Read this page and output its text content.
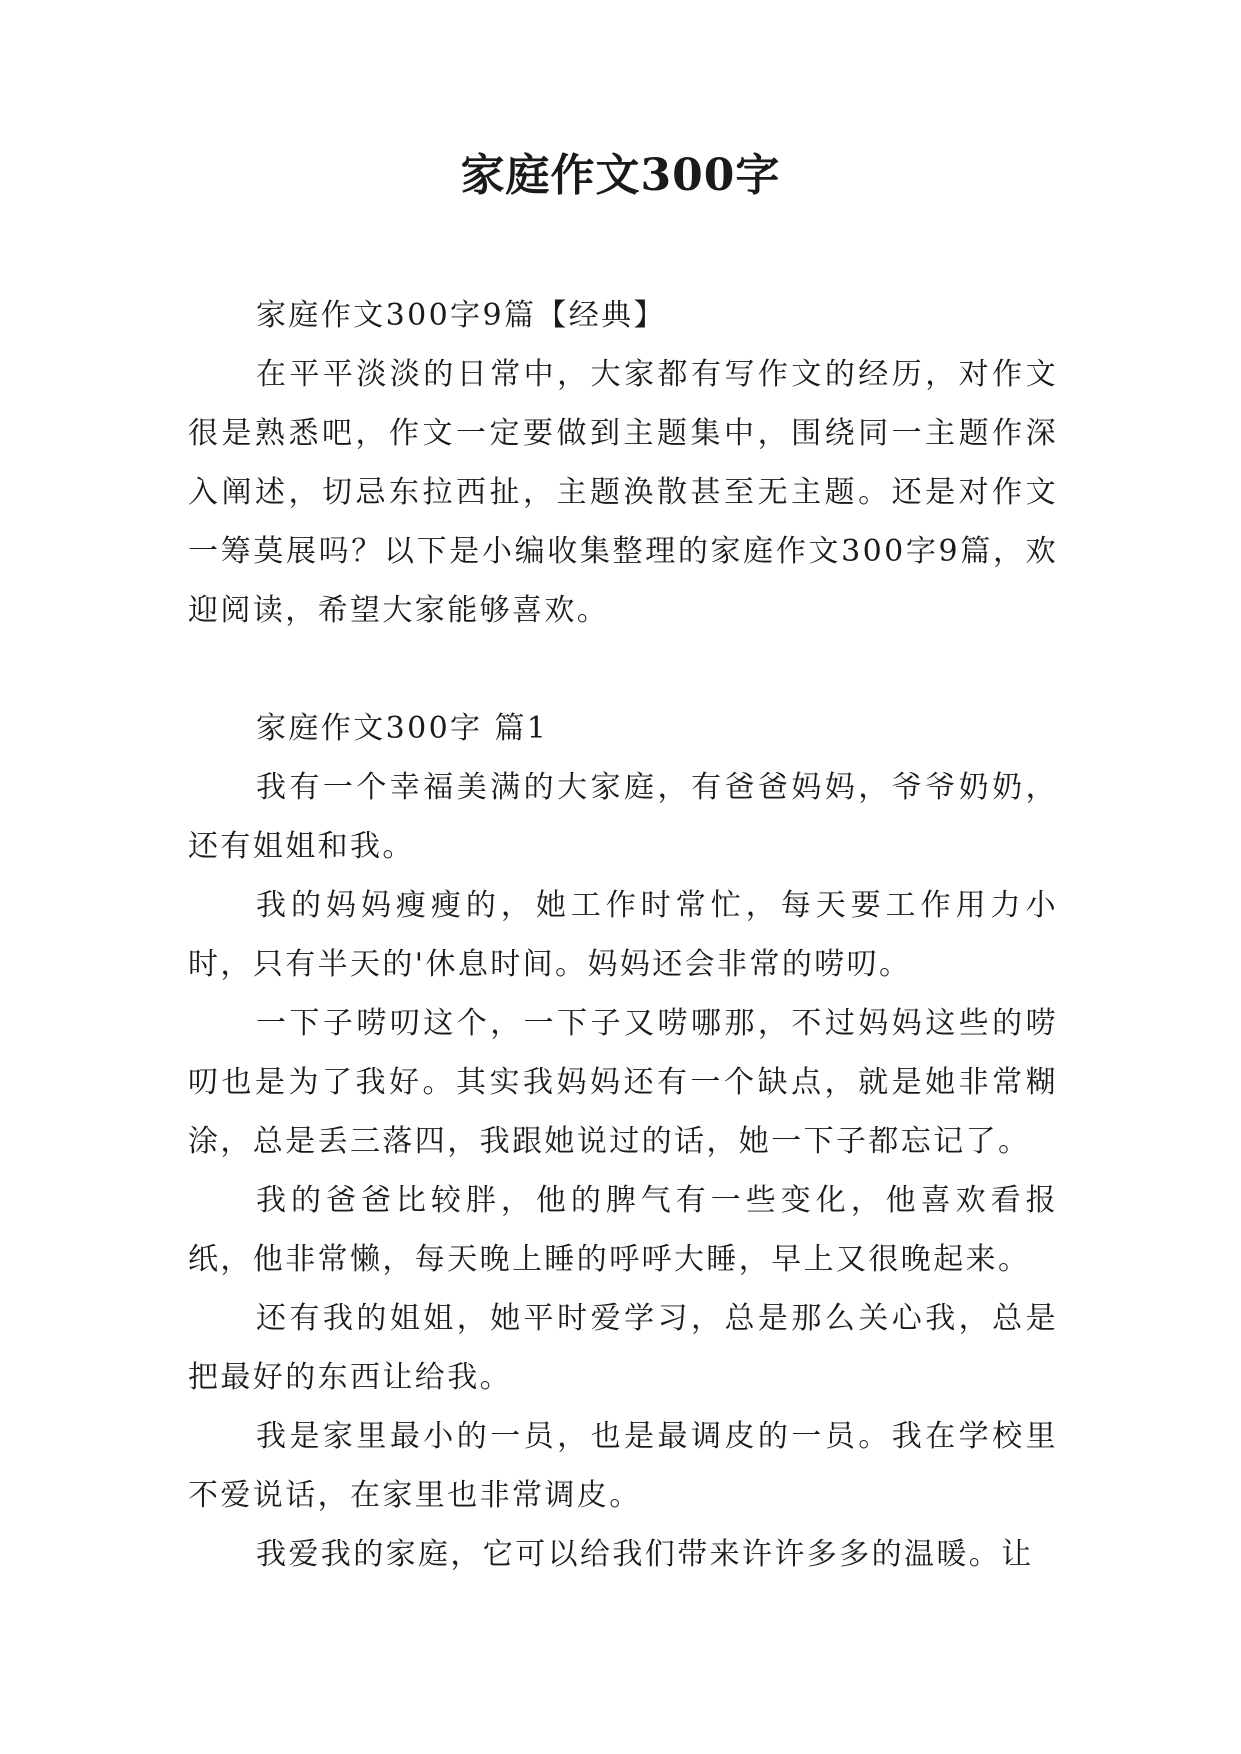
家庭作文300字

家庭作文300字9篇【经典】

在平平淡淡的日常中，大家都有写作文的经历，对作文很是熟悉吧，作文一定要做到主题集中，围绕同一主题作深入阐述，切忌东拉西扯，主题涣散甚至无主题。还是对作文一筹莫展吗？以下是小编收集整理的家庭作文300字9篇，欢迎阅读，希望大家能够喜欢。

家庭作文300字 篇1

我有一个幸福美满的大家庭，有爸爸妈妈，爷爷奶奶，还有姐姐和我。

我的妈妈瘦瘦的，她工作时常忙，每天要工作用力小时，只有半天的'休息时间。妈妈还会非常的唠叨。

一下子唠叨这个，一下子又唠哪那，不过妈妈这些的唠叨也是为了我好。其实我妈妈还有一个缺点，就是她非常糊涂，总是丢三落四，我跟她说过的话，她一下子都忘记了。

我的爸爸比较胖，他的脾气有一些变化，他喜欢看报纸，他非常懒，每天晚上睡的呼呼大睡，早上又很晚起来。

还有我的姐姐，她平时爱学习，总是那么关心我，总是把最好的东西让给我。

我是家里最小的一员，也是最调皮的一员。我在学校里不爱说话，在家里也非常调皮。

我爱我的家庭，它可以给我们带来许许多多的温暖。让
